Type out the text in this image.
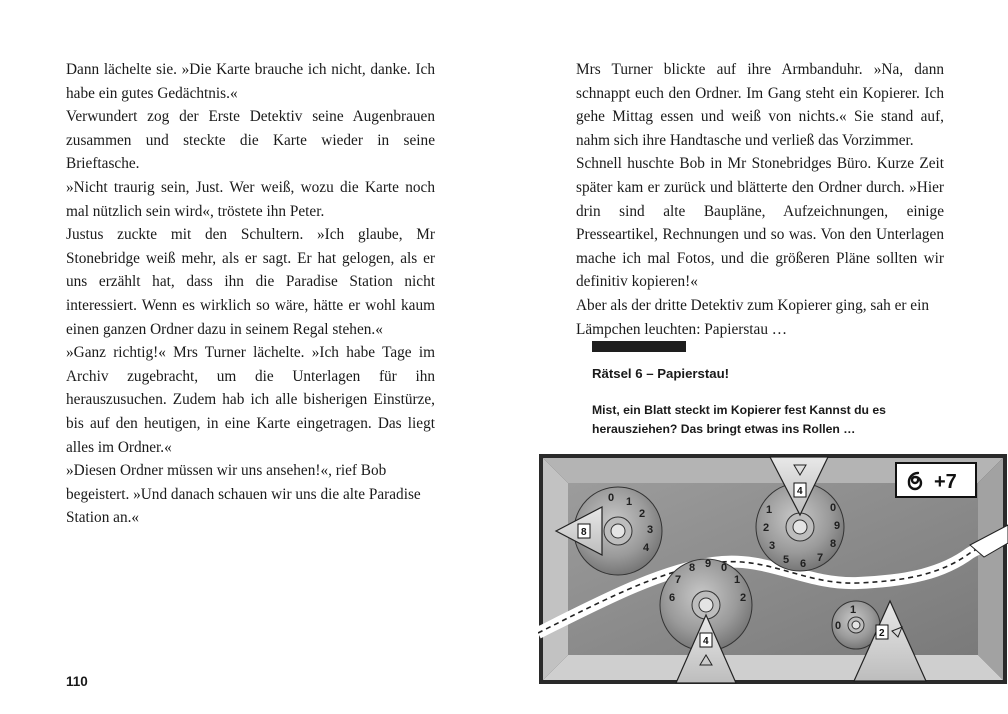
Dann lächelte sie. »Die Karte brauche ich nicht, danke. Ich habe ein gutes Gedächtnis.«

Verwundert zog der Erste Detektiv seine Augenbrauen zusammen und steckte die Karte wieder in seine Brieftasche.

»Nicht traurig sein, Just. Wer weiß, wozu die Karte noch mal nützlich sein wird«, tröstete ihn Peter.

Justus zuckte mit den Schultern. »Ich glaube, Mr Stonebridge weiß mehr, als er sagt. Er hat gelogen, als er uns erzählt hat, dass ihn die Paradise Station nicht interessiert. Wenn es wirklich so wäre, hätte er wohl kaum einen ganzen Ordner dazu in seinem Regal stehen.«

»Ganz richtig!« Mrs Turner lächelte. »Ich habe Tage im Archiv zugebracht, um die Unterlagen für ihn herauszusuchen. Zudem hab ich alle bisherigen Einstürze, bis auf den heutigen, in eine Karte eingetragen. Das liegt alles im Ordner.«

»Diesen Ordner müssen wir uns ansehen!«, rief Bob begeistert. »Und danach schauen wir uns die alte Paradise Station an.«

110

Mrs Turner blickte auf ihre Armbanduhr. »Na, dann schnappt euch den Ordner. Im Gang steht ein Kopierer. Ich gehe Mittag essen und weiß von nichts.« Sie stand auf, nahm sich ihre Handtasche und verließ das Vorzimmer.

Schnell huschte Bob in Mr Stonebridges Büro. Kurze Zeit später kam er zurück und blätterte den Ordner durch. »Hier drin sind alte Baupläne, Aufzeichnungen, einige Presseartikel, Rechnungen und so was. Von den Unterlagen mache ich mal Fotos, und die größeren Pläne sollten wir definitiv kopieren!«

Aber als der dritte Detektiv zum Kopierer ging, sah er ein Lämpchen leuchten: Papierstau …

Rätsel 6 – Papierstau!
Mist, ein Blatt steckt im Kopierer fest Kannst du es herausziehen? Das bringt etwas ins Rollen …
0 1
2
3
4
8
1
2
3
5 6 7
8
9
0
4
6
7
8 9 0
1
2
4
0
1
2
+7
